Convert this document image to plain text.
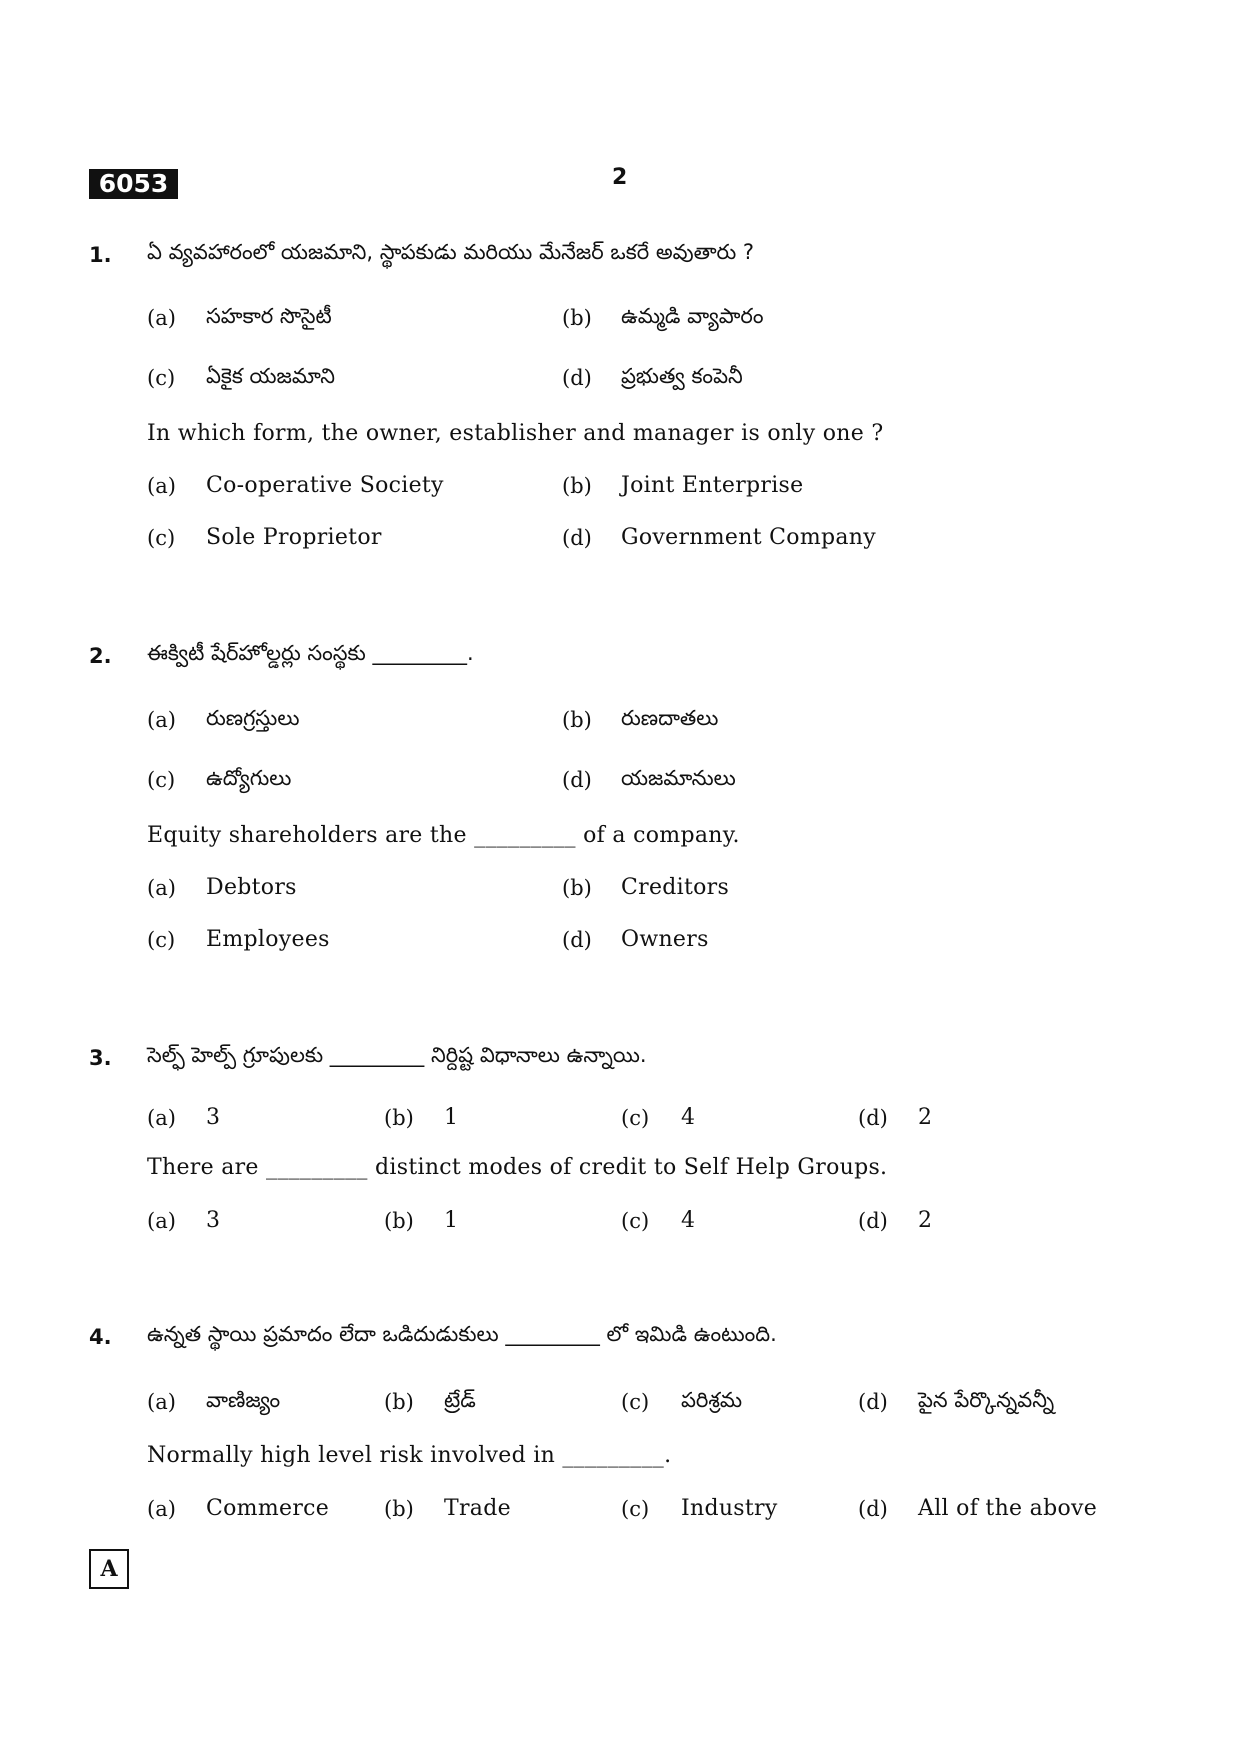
6053	2
1. ఏ వ్యవహారంలో యజమాని, స్థాపకుడు మరియు మేనేజర్ ఒకరే అవుతారు ?
(a) సహకార సొసైటీ	(b) ఉమ్మడి వ్యాపారం
(c) ఏకైక యజమాని	(d) ప్రభుత్వ కంపెనీ
In which form, the owner, establisher and manager is only one ?
(a) Co-operative Society	(b) Joint Enterprise
(c) Sole Proprietor	(d) Government Company
2. ఈక్విటీ షేర్‌హోల్డర్లు సంస్థకు _________.
(a) రుణగ్రస్తులు	(b) రుణదాతలు
(c) ఉద్యోగులు	(d) యజమానులు
Equity shareholders are the _________ of a company.
(a) Debtors	(b) Creditors
(c) Employees	(d) Owners
3. సెల్ఫ్ హెల్ప్ గ్రూపులకు _________ నిర్దిష్ట విధానాలు ఉన్నాయి.
(a) 3	(b) 1	(c) 4	(d) 2
There are _________ distinct modes of credit to Self Help Groups.
(a) 3	(b) 1	(c) 4	(d) 2
4. ఉన్నత స్థాయి ప్రమాదం లేదా ఒడిదుడుకులు _________ లో ఇమిడి ఉంటుంది.
(a) వాణిజ్యం	(b) ట్రేడ్	(c) పరిశ్రమ	(d) పైన పేర్కొన్నవన్నీ
Normally high level risk involved in _________.
(a) Commerce	(b) Trade	(c) Industry	(d) All of the above
A
